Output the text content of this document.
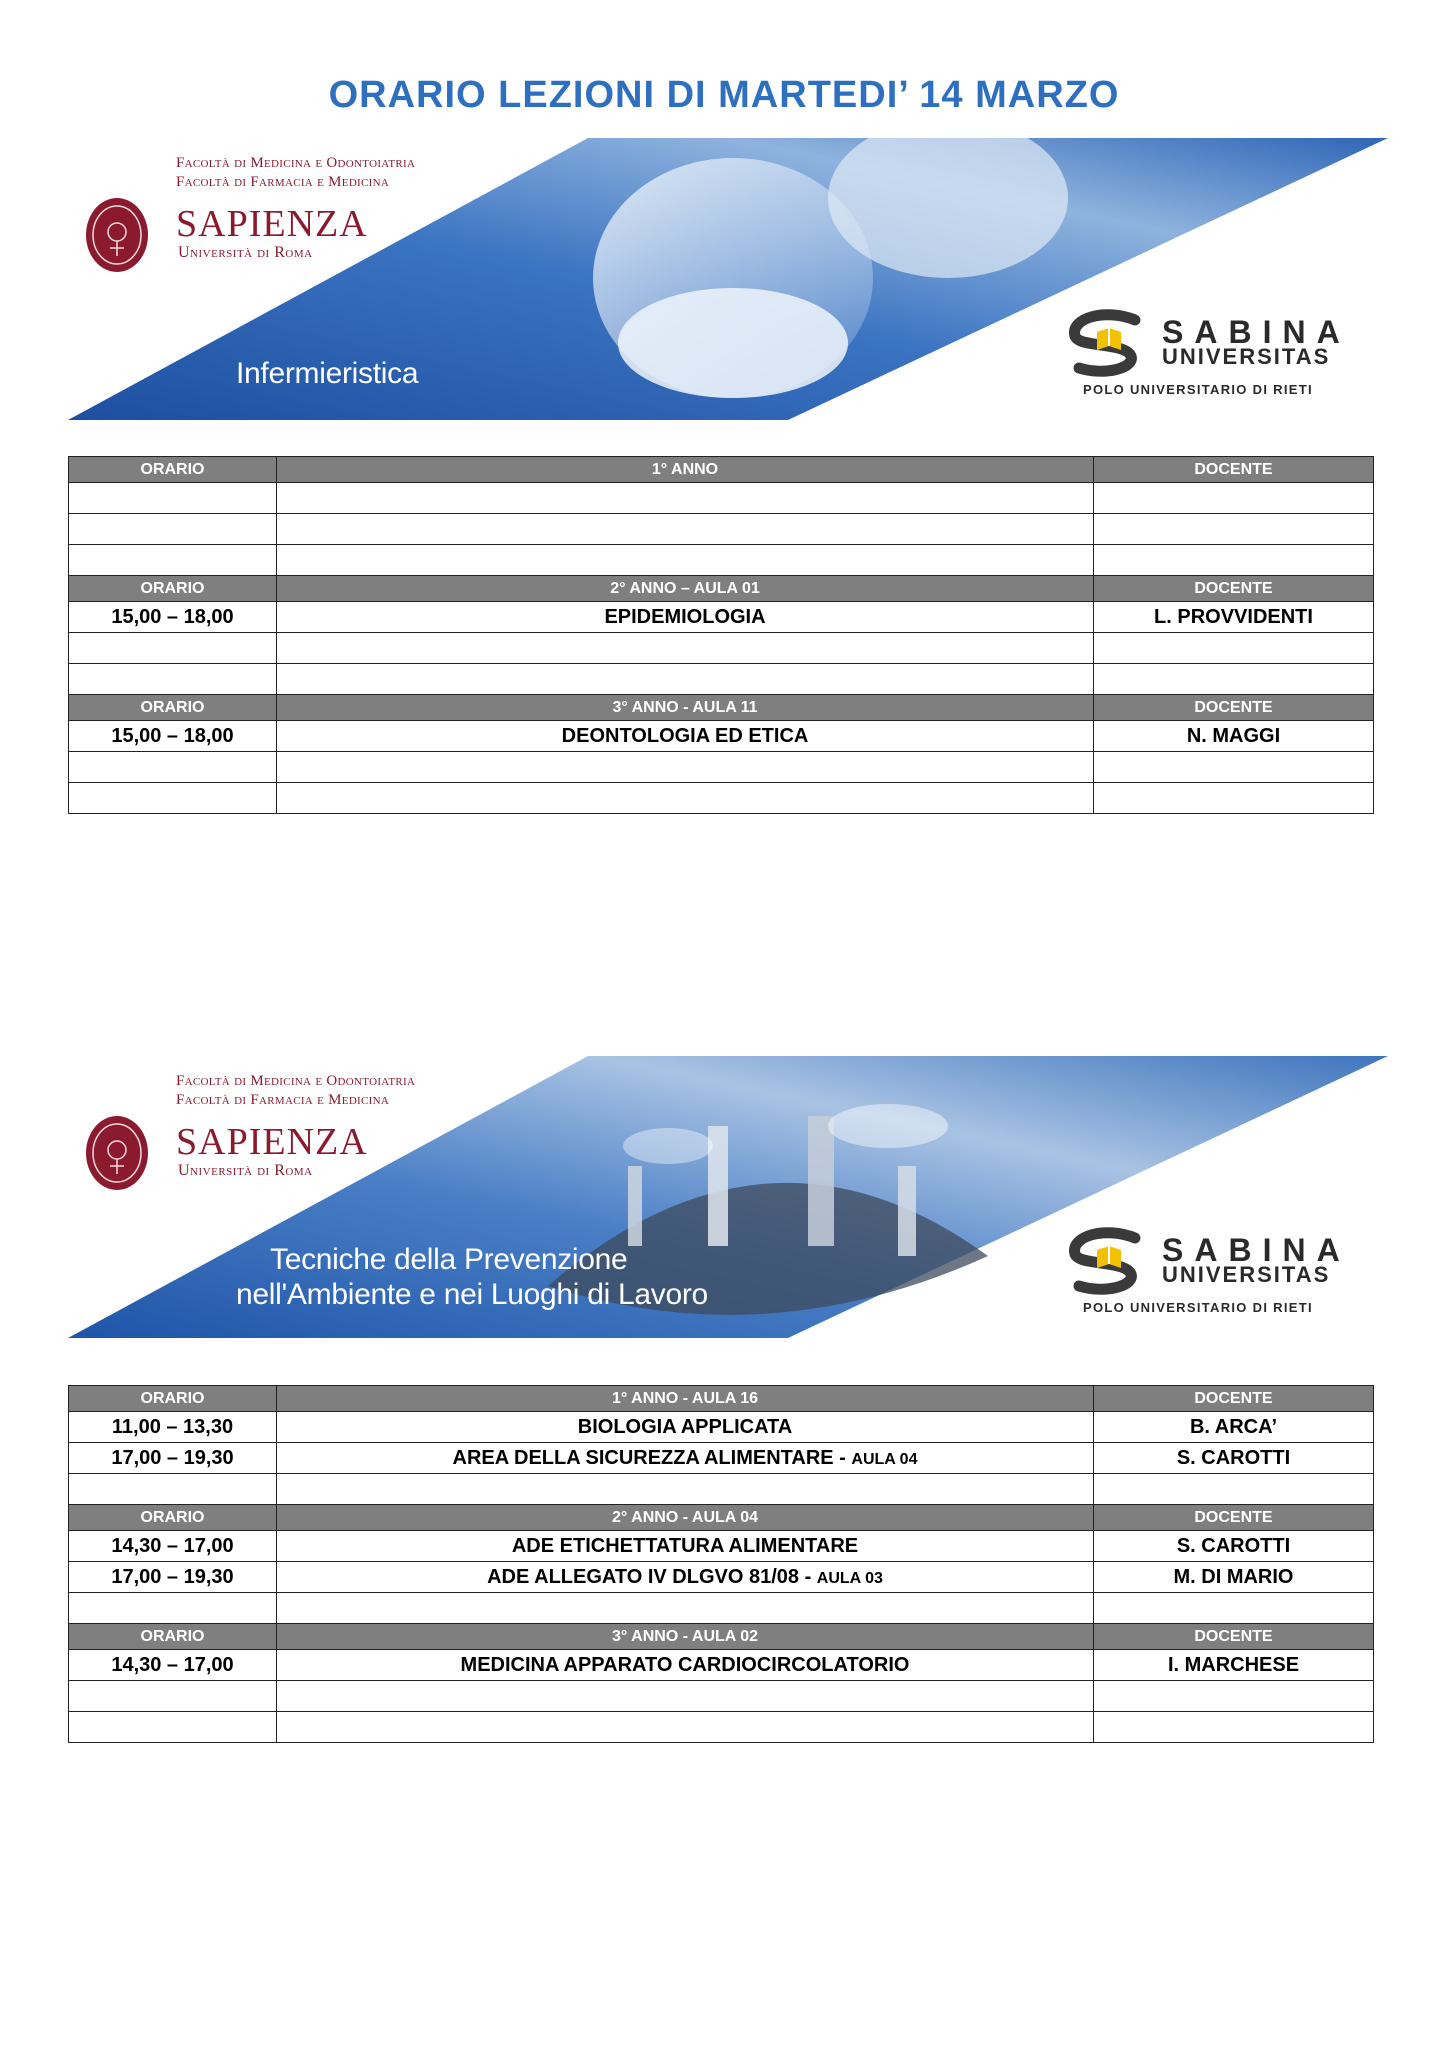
ORARIO LEZIONI DI MARTEDI’ 14 MARZO
Facoltà di Medicina e Odontoiatria
Facoltà di Farmacia e Medicina
SAPIENZA
Università di Roma
Infermieristica
SABINA
UNIVERSITAS
POLO UNIVERSITARIO DI RIETI
ORARIO	1° ANNO	DOCENTE

ORARIO	2° ANNO – AULA 01	DOCENTE
15,00 – 18,00	EPIDEMIOLOGIA	L. PROVVIDENTI

ORARIO	3° ANNO - AULA 11	DOCENTE
15,00 – 18,00	DEONTOLOGIA ED ETICA	N. MAGGI

Facoltà di Medicina e Odontoiatria
Facoltà di Farmacia e Medicina
SAPIENZA
Università di Roma
Tecniche della Prevenzione
nell'Ambiente e nei Luoghi di Lavoro
SABINA
UNIVERSITAS
POLO UNIVERSITARIO DI RIETI
ORARIO	1° ANNO - AULA 16	DOCENTE
11,00 – 13,30	BIOLOGIA APPLICATA	B. ARCA’
17,00 – 19,30	AREA DELLA SICUREZZA ALIMENTARE - AULA 04	S. CAROTTI

ORARIO	2° ANNO - AULA 04	DOCENTE
14,30 – 17,00	ADE ETICHETTATURA ALIMENTARE	S. CAROTTI
17,00 – 19,30	ADE ALLEGATO IV DLGVO 81/08 - AULA 03	M. DI MARIO

ORARIO	3° ANNO - AULA 02	DOCENTE
14,30 – 17,00	MEDICINA APPARATO CARDIOCIRCOLATORIO	I. MARCHESE
